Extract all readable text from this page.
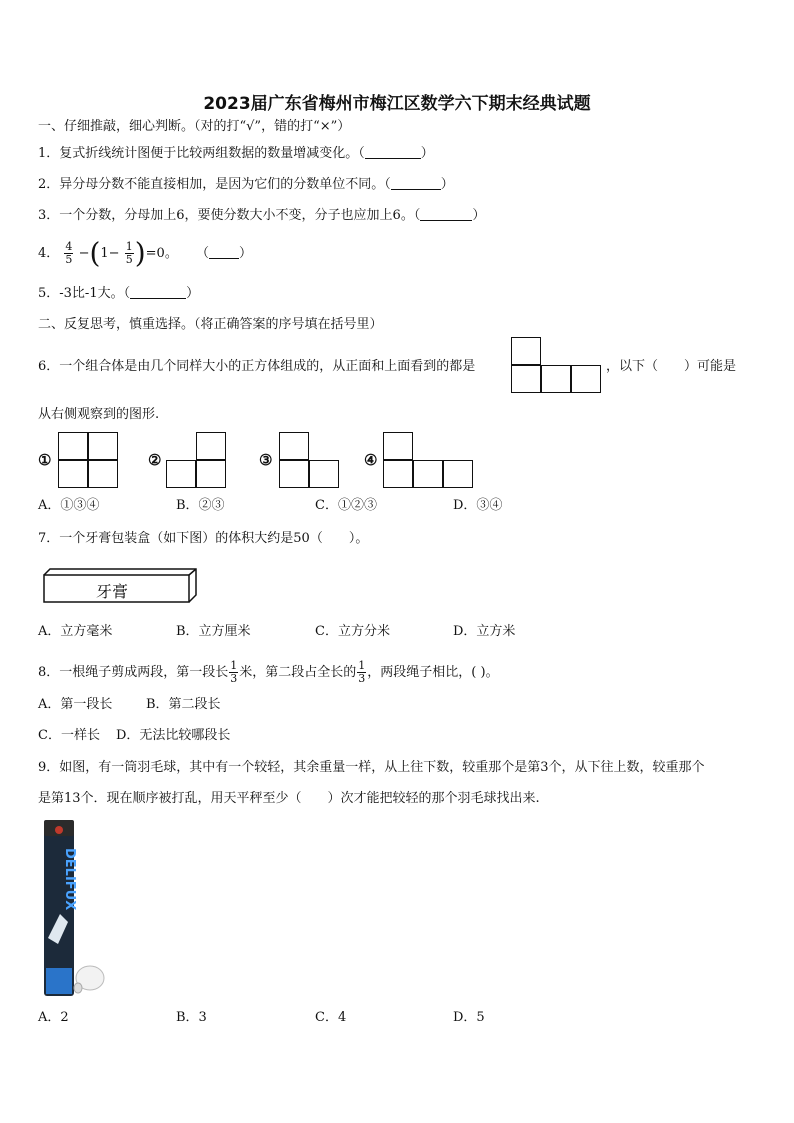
2023届广东省梅州市梅江区数学六下期末经典试题
一、仔细推敲，细心判断。（对的打“√”，错的打“×”）
1．复式折线统计图便于比较两组数据的数量增减变化。（	）
2．异分母分数不能直接相加，是因为它们的分数单位不同。（	）
3．一个分数，分母加上6，要使分数大小不变，分子也应加上6。（	）
4． $\frac{4}{5} -(1- \frac{1}{5} )=0$。 （ ）
5．-3比-1大。（	）
二、反复思考，慎重选择。（将正确答案的序号填在括号里）
6．一个组合体是由几个同样大小的正方体组成的，从正面和上面看到的都是	，以下（　　）可能是
从右侧观察到的图形.
①	②	③	④
A．①③④	B．②③	C．①②③	D．③④
7．一个牙膏包装盒（如下图）的体积大约是50（　　）。
牙膏
A．立方毫米	B．立方厘米	C．立方分米	D．立方米
8．一根绳子剪成两段，第一段长 $\frac{1}{3}$ 米，第二段占全长的 $\frac{1}{3}$ ，两段绳子相比，( )。
A．第一段长	B．第二段长
C．一样长 D．无法比较哪段长
9．如图，有一筒羽毛球，其中有一个较轻，其余重量一样，从上往下数，较重那个是第3个，从下往上数，较重那个
是第13个．现在顺序被打乱，用天平秤至少（　　）次才能把较轻的那个羽毛球找出来.
DELIFUX
A．2	B．3	C．4	D．5
